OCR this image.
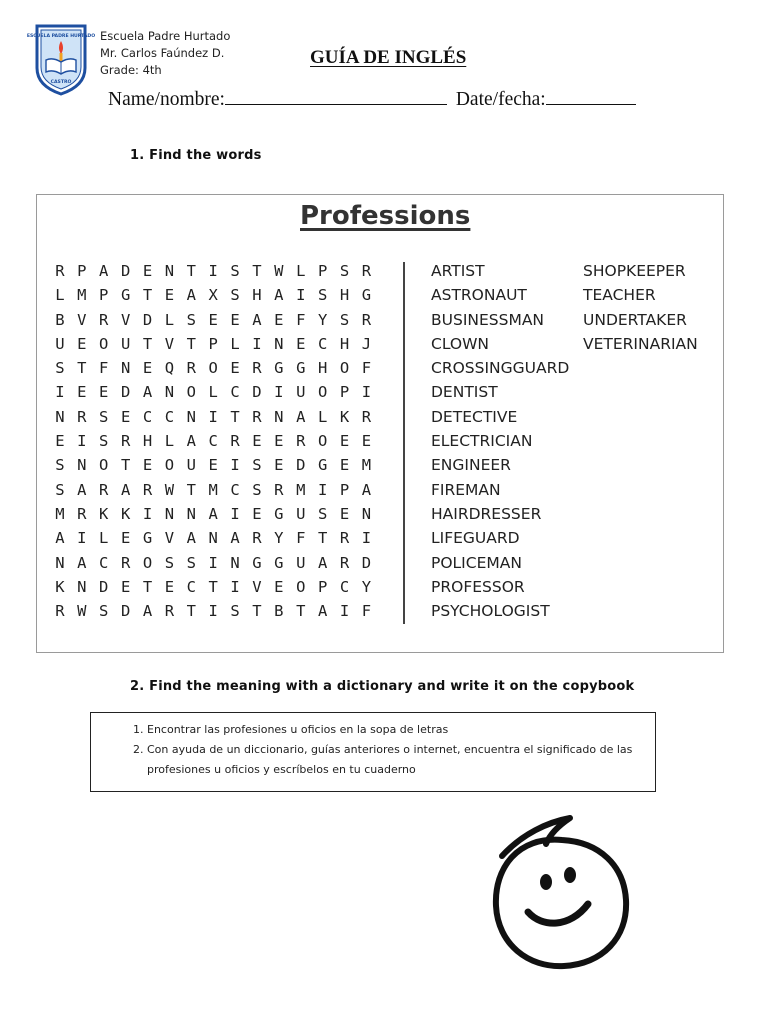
ESCUELA PADRE HURTADO
CASTRO
Escuela Padre Hurtado
Mr. Carlos Faúndez D.
Grade: 4th
GUÍA DE INGLÉS
Name/nombre:	Date/fecha:
1. Find the words
Professions
R P A D E N T I S T W L P S R
L M P G T E A X S H A I S H G
B V R V D L S E E A E F Y S R
U E O U T V T P L I N E C H J
S T F N E Q R O E R G G H O F
I E E D A N O L C D I U O P I
N R S E C C N I T R N A L K R
E I S R H L A C R E E R O E E
S N O T E O U E I S E D G E M
S A R A R W T M C S R M I P A
M R K K I N N A I E G U S E N
A I L E G V A N A R Y F T R I
N A C R O S S I N G G U A R D
K N D E T E C T I V E O P C Y
R W S D A R T I S T B T A I F
ARTIST
ASTRONAUT
BUSINESSMAN
CLOWN
CROSSINGGUARD
DENTIST
DETECTIVE
ELECTRICIAN
ENGINEER
FIREMAN
HAIRDRESSER
LIFEGUARD
POLICEMAN
PROFESSOR
PSYCHOLOGIST
SHOPKEEPER
TEACHER
UNDERTAKER
VETERINARIAN
2. Find the meaning with a dictionary and write it on the copybook
1. Encontrar las profesiones u oficios en la sopa de letras
2. Con ayuda de un diccionario, guías anteriores o internet, encuentra el significado de las profesiones u oficios y escríbelos en tu cuaderno
